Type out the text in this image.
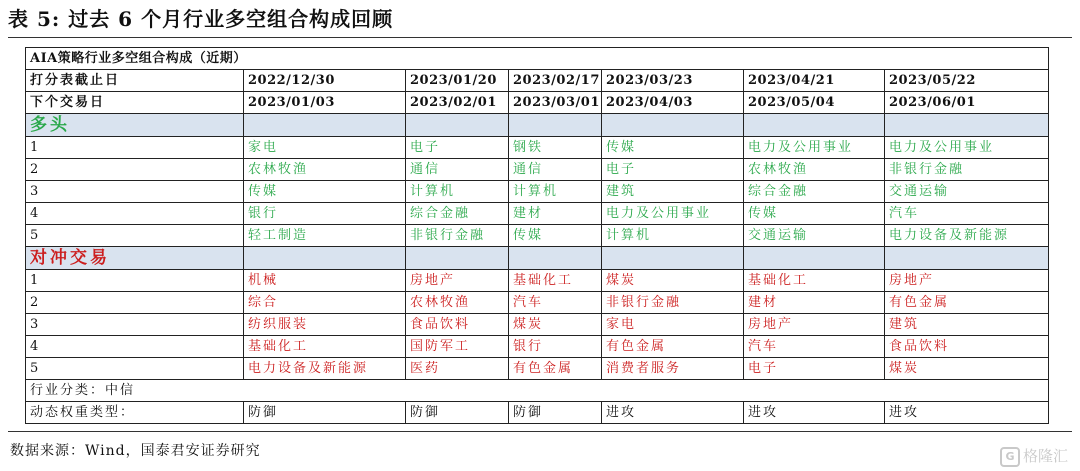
表 5: 过去 6 个月行业多空组合构成回顾
AIA策略行业多空组合构成（近期）						
打分表截止日	2022/12/30	2023/01/20	2023/02/17	2023/03/23	2023/04/21	2023/05/22
下个交易日	2023/01/03	2023/02/01	2023/03/01	2023/04/03	2023/05/04	2023/06/01
多头						
1	家电	电子	钢铁	传媒	电力及公用事业	电力及公用事业
2	农林牧渔	通信	通信	电子	农林牧渔	非银行金融
3	传媒	计算机	计算机	建筑	综合金融	交通运输
4	银行	综合金融	建材	电力及公用事业	传媒	汽车
5	轻工制造	非银行金融	传媒	计算机	交通运输	电力设备及新能源
对冲交易						
1	机械	房地产	基础化工	煤炭	基础化工	房地产
2	综合	农林牧渔	汽车	非银行金融	建材	有色金属
3	纺织服装	食品饮料	煤炭	家电	房地产	建筑
4	基础化工	国防军工	银行	有色金属	汽车	食品饮料
5	电力设备及新能源	医药	有色金属	消费者服务	电子	煤炭
行业分类：中信						
动态权重类型：	防御	防御	防御	进攻	进攻	进攻
数据来源：Wind，国泰君安证券研究	G 格隆汇
